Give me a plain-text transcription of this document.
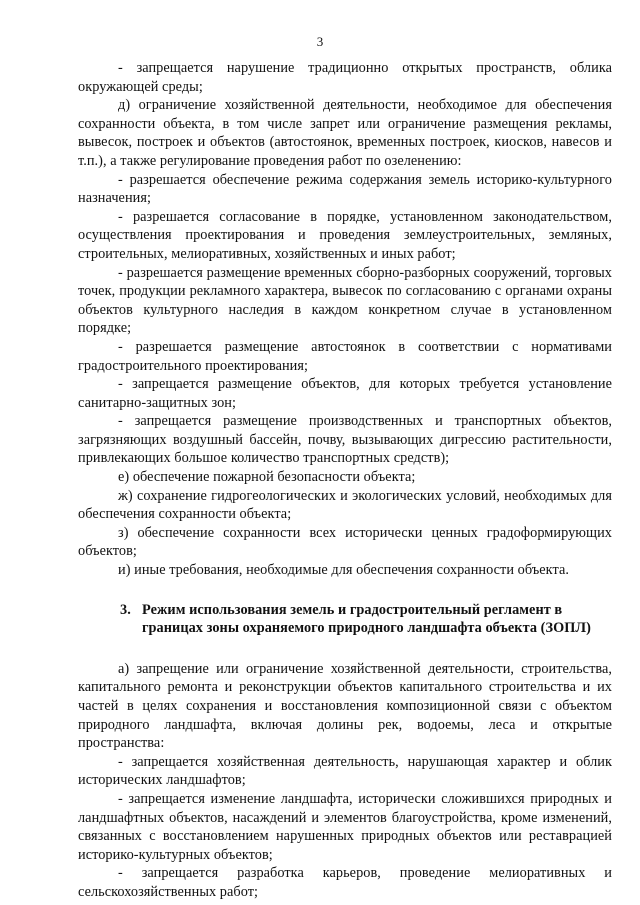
3

- запрещается нарушение традиционно открытых пространств, облика окружающей среды;

д) ограничение хозяйственной деятельности, необходимое для обеспечения сохранности объекта, в том числе запрет или ограничение размещения рекламы, вывесок, построек и объектов (автостоянок, временных построек, киосков, навесов и т.п.), а также регулирование проведения работ по озеленению:

- разрешается обеспечение режима содержания земель историко-культурного назначения;

- разрешается согласование в порядке, установленном законодательством, осуществления проектирования и проведения землеустроительных, земляных, строительных, мелиоративных, хозяйственных и иных работ;

- разрешается размещение временных сборно-разборных сооружений, торговых точек, продукции рекламного характера, вывесок по согласованию с органами охраны объектов культурного наследия в каждом конкретном случае в установленном порядке;

- разрешается размещение автостоянок в соответствии с нормативами градостроительного проектирования;

- запрещается размещение объектов, для которых требуется установление санитарно-защитных зон;

- запрещается размещение производственных и транспортных объектов, загрязняющих воздушный бассейн, почву, вызывающих дигрессию растительности, привлекающих большое количество транспортных средств);

е) обеспечение пожарной безопасности объекта;

ж) сохранение гидрогеологических и экологических условий, необходимых для обеспечения сохранности объекта;

з) обеспечение сохранности всех исторически ценных градоформирующих объектов;

и) иные требования, необходимые для обеспечения сохранности объекта.

3. Режим использования земель и градостроительный регламент в
границах зоны охраняемого природного ландшафта объекта (ЗОПЛ)

а) запрещение или ограничение хозяйственной деятельности, строительства, капитального ремонта и реконструкции объектов капитального строительства и их частей в целях сохранения и восстановления композиционной связи с объектом природного ландшафта, включая долины рек, водоемы, леса и открытые пространства:

- запрещается хозяйственная деятельность, нарушающая характер и облик исторических ландшафтов;

- запрещается изменение ландшафта, исторически сложившихся природных и ландшафтных объектов, насаждений и элементов благоустройства, кроме изменений, связанных с восстановлением нарушенных природных объектов или реставрацией историко-культурных объектов;

- запрещается разработка карьеров, проведение мелиоративных и сельскохозяйственных работ;
